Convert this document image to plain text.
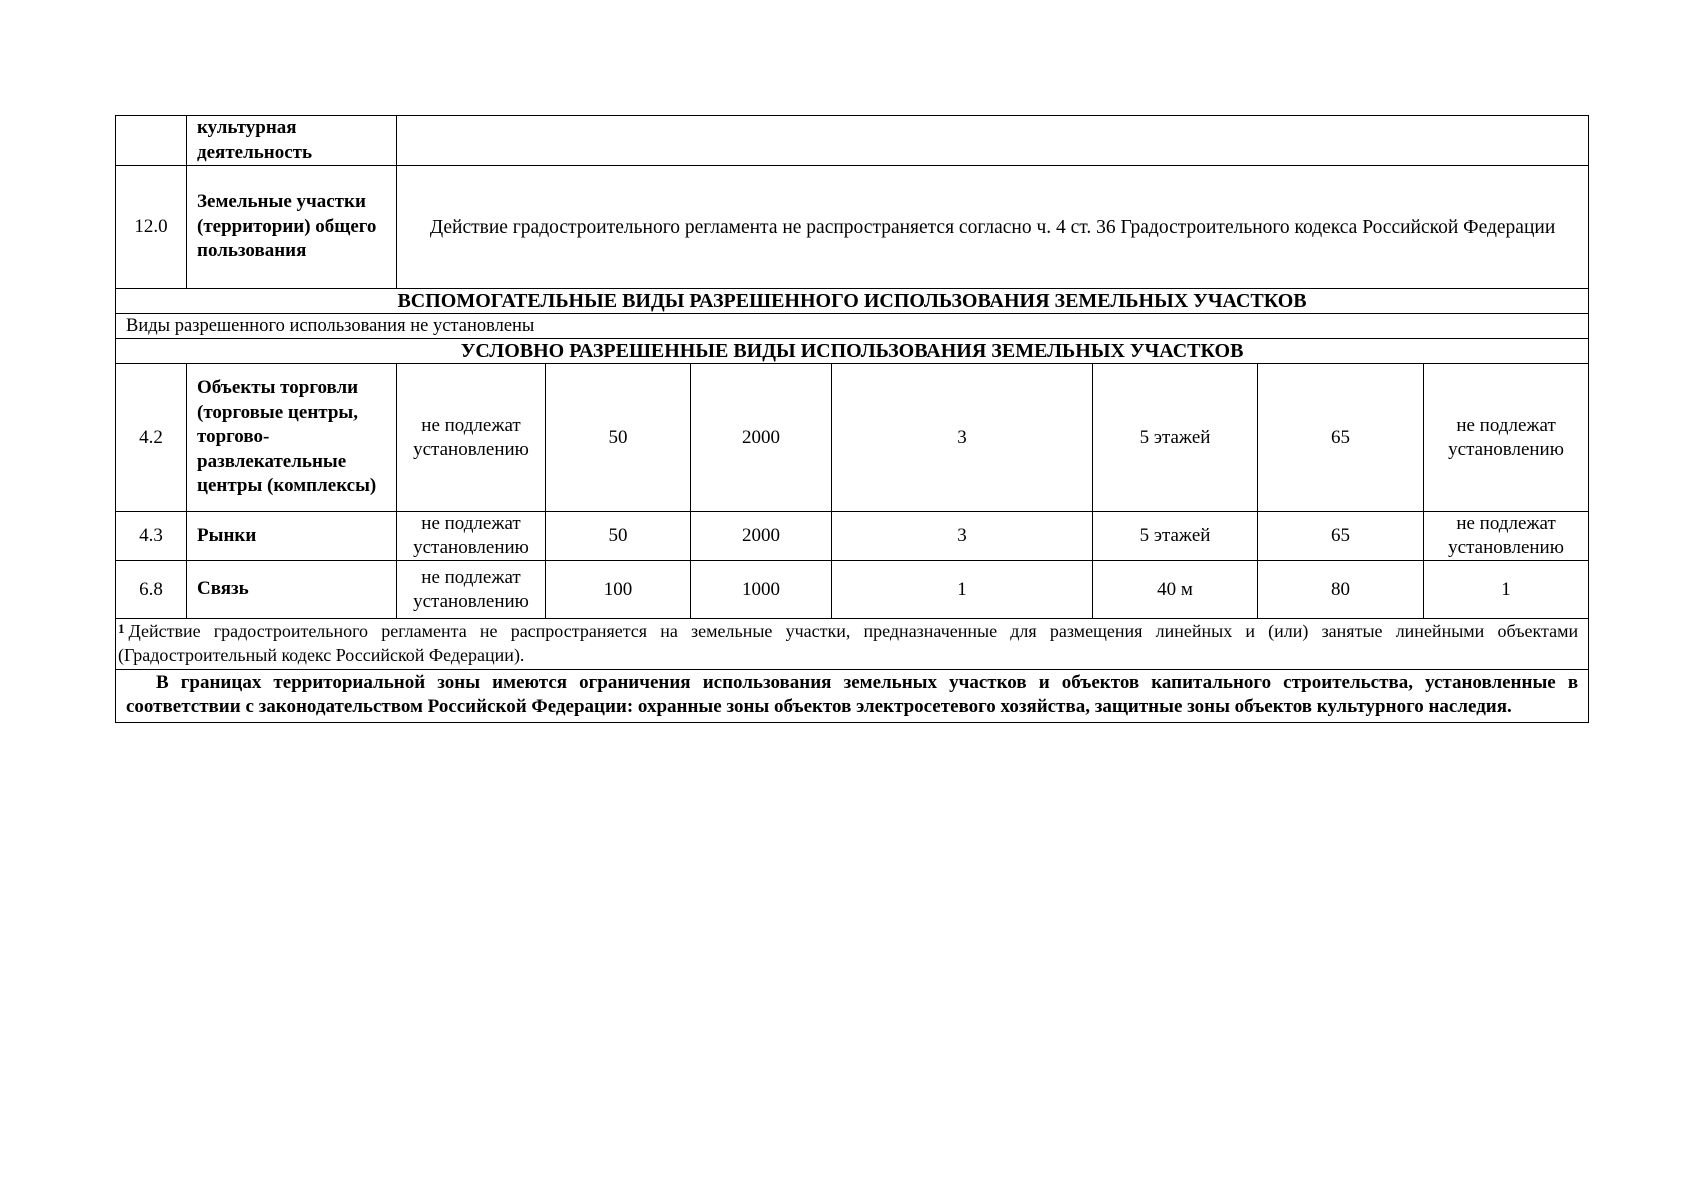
	культурная деятельность							
12.0	Земельные участки (территории) общего пользования	Действие градостроительного регламента не распространяется согласно ч. 4 ст. 36 Градостроительного кодекса Российской Федерации						
ВСПОМОГАТЕЛЬНЫЕ ВИДЫ РАЗРЕШЕННОГО ИСПОЛЬЗОВАНИЯ ЗЕМЕЛЬНЫХ УЧАСТКОВ								
Виды разрешенного использования не установлены								
УСЛОВНО РАЗРЕШЕННЫЕ ВИДЫ ИСПОЛЬЗОВАНИЯ ЗЕМЕЛЬНЫХ УЧАСТКОВ								
4.2	Объекты торговли (торговые центры, торгово-развлекательные центры (комплексы)	не подлежат установлению	50	2000	3	5 этажей	65	не подлежат установлению
4.3	Рынки	не подлежат установлению	50	2000	3	5 этажей	65	не подлежат установлению
6.8	Связь	не подлежат установлению	100	1000	1	40 м	80	1
$^1$ Действие градостроительного регламента не распространяется на земельные участки, предназначенные для размещения линейных и (или) занятые линейными объектами (Градостроительный кодекс Российской Федерации).								
В границах территориальной зоны имеются ограничения использования земельных участков и объектов капитального строительства, установленные в соответствии с законодательством Российской Федерации: охранные зоны объектов электросетевого хозяйства, защитные зоны объектов культурного наследия.								
